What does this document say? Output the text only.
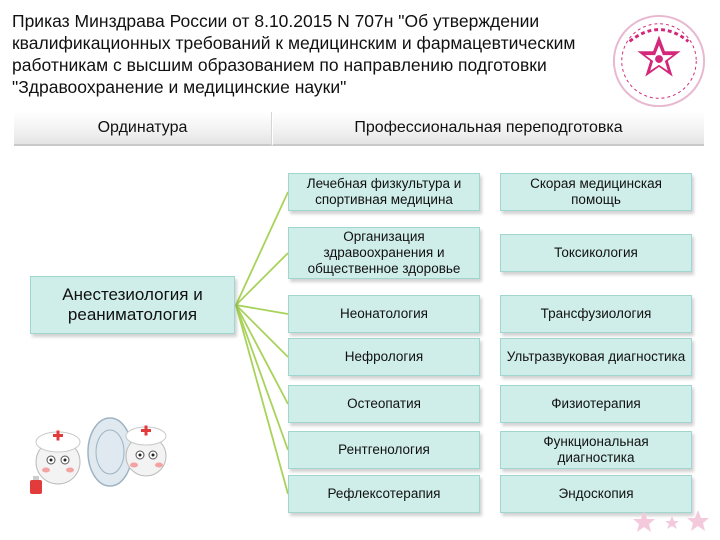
Приказ Минздрава России от 8.10.2015 N 707н "Об утверждении квалификационных требований к медицинским и фармацевтическим работникам с высшим образованием по направлению подготовки "Здравоохранение и медицинские науки"
Ординатура	Профессиональная переподготовка
Анестезиология и реаниматология
Лечебная физкультура и спортивная медицина
Организация здравоохранения и общественное здоровье
Неонатология
Нефрология
Остеопатия
Рентгенология
Рефлексотерапия
Скорая медицинская помощь
Токсикология
Трансфузиология
Ультразвуковая диагностика
Физиотерапия
Функциональная диагностика
Эндоскопия
